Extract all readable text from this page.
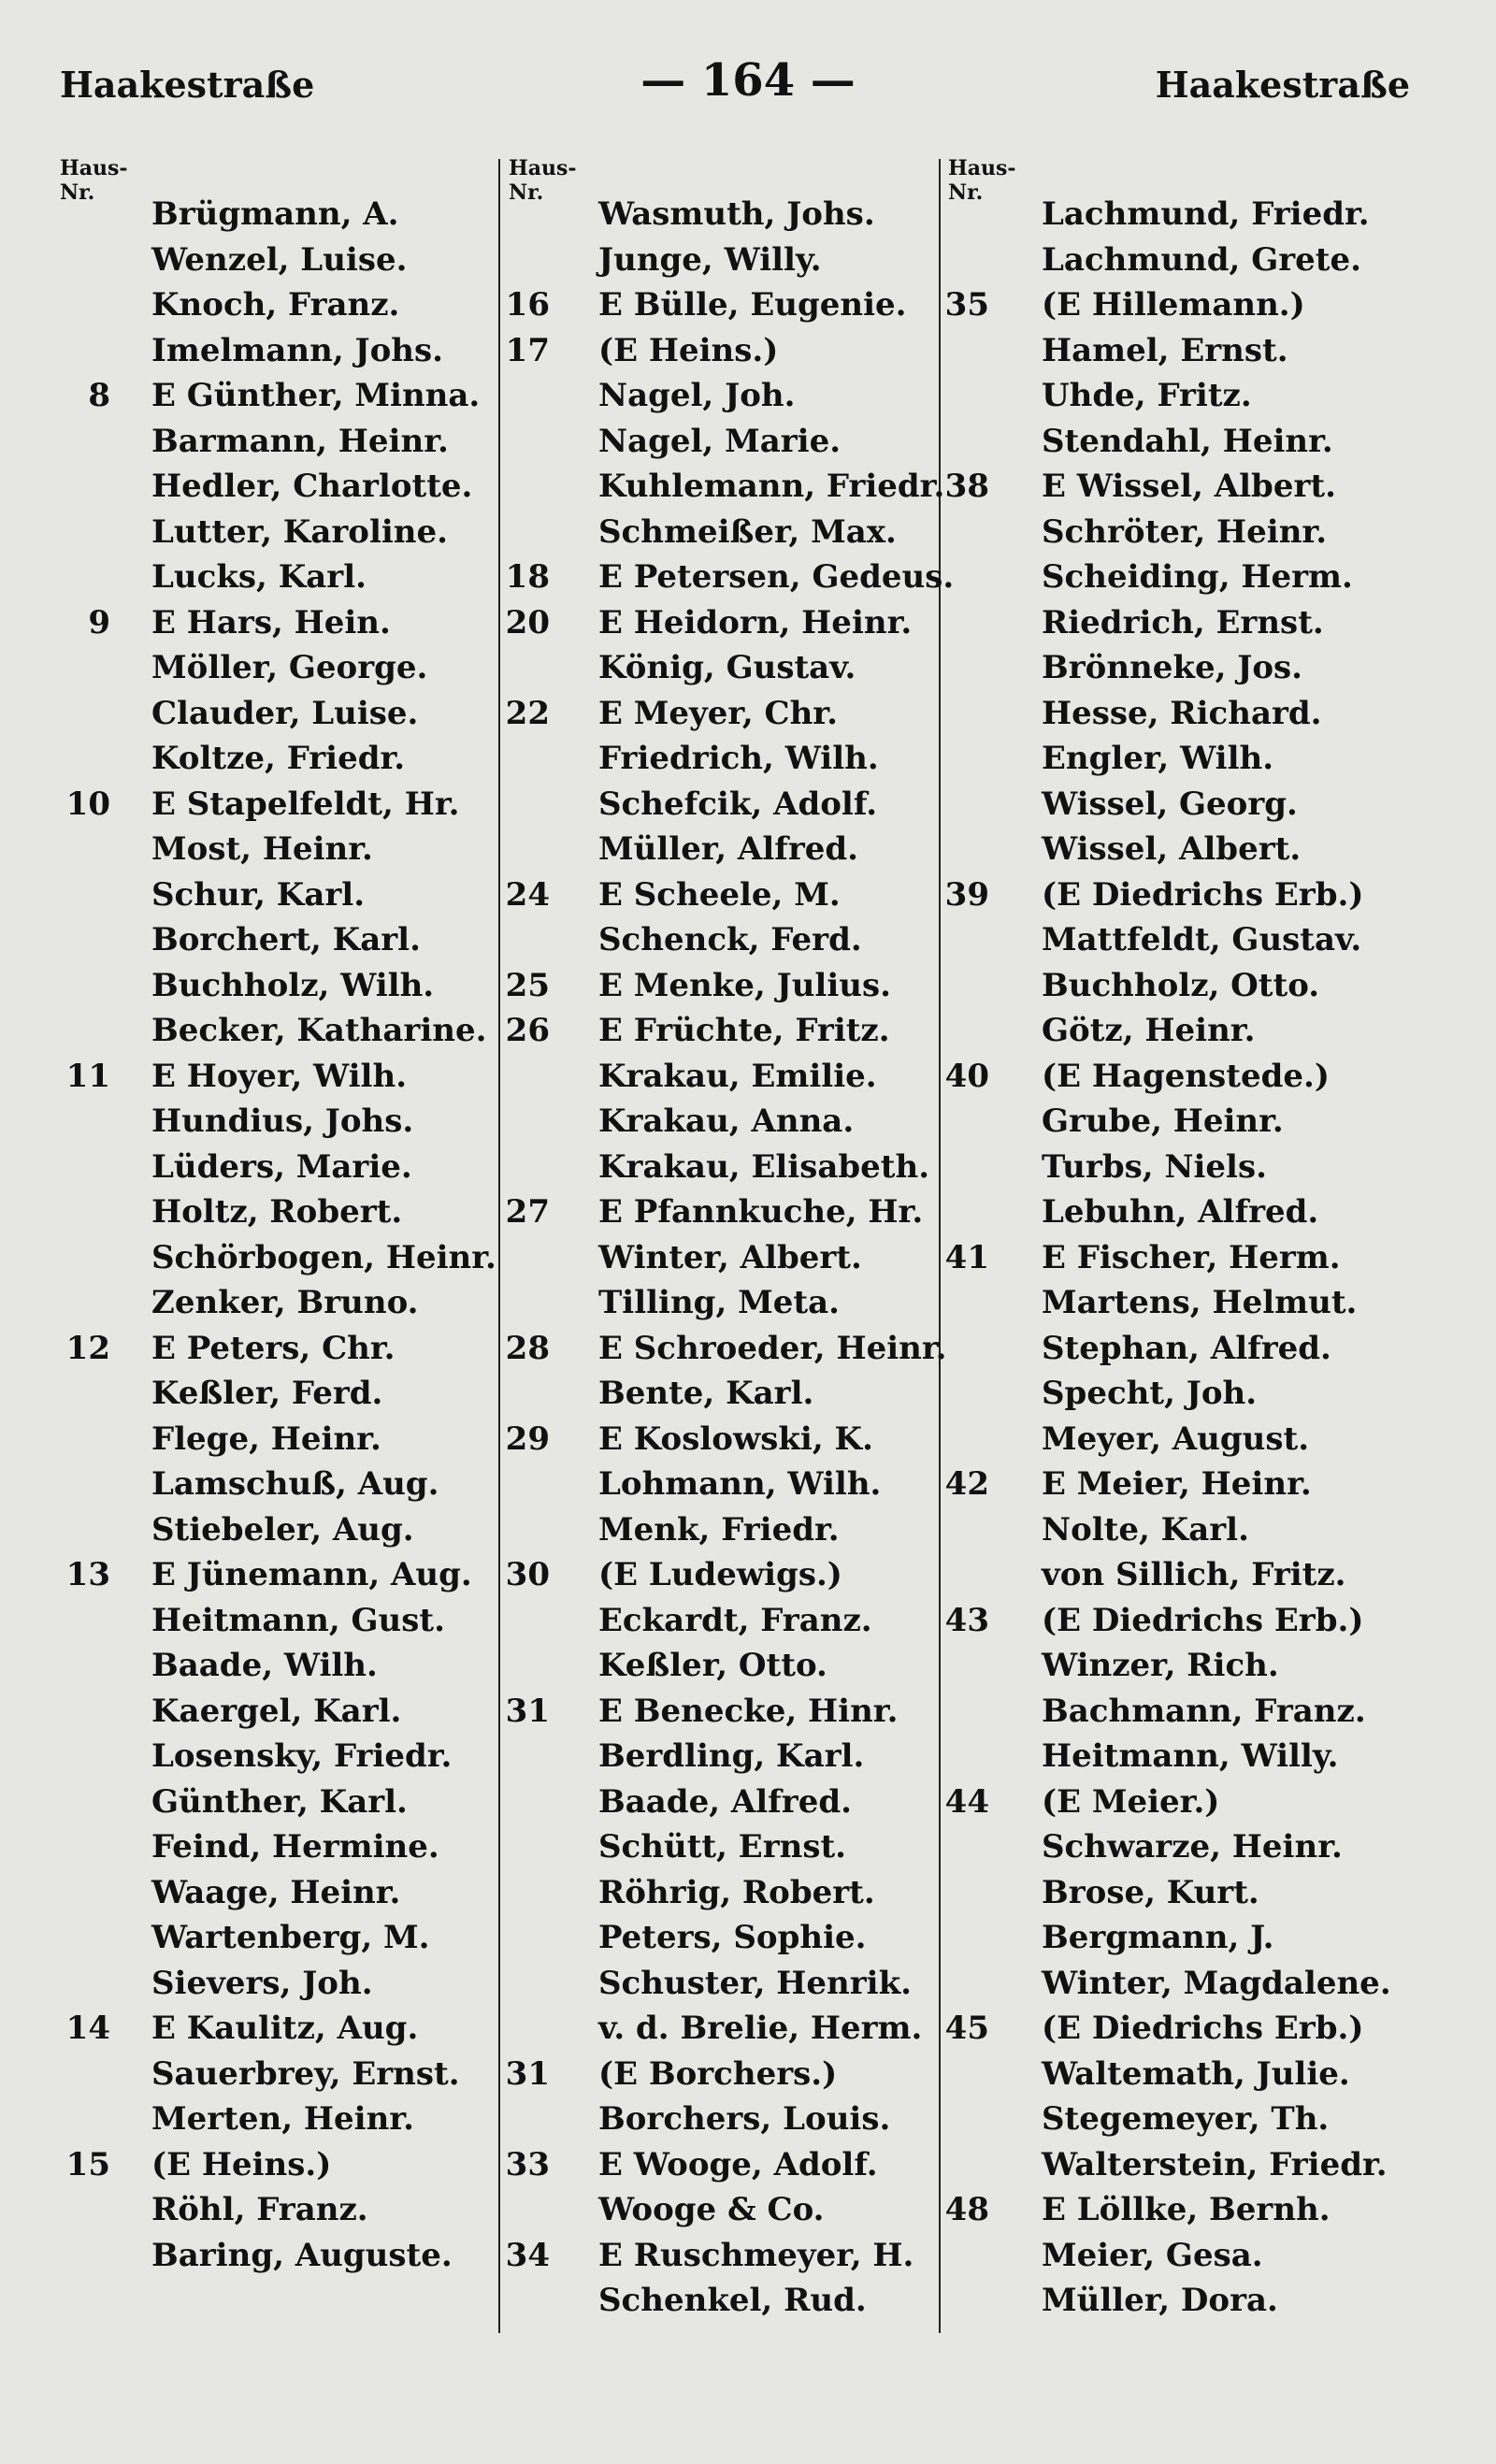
Haakestraße	— 164 —	Haakestraße
Haus-Nr.
Brügmann, A.
Wenzel, Luise.
Knoch, Franz.
Imelmann, Johs.
8 E Günther, Minna.
Barmann, Heinr.
Hedler, Charlotte.
Lutter, Karoline.
Lucks, Karl.
9 E Hars, Hein.
Möller, George.
Clauder, Luise.
Koltze, Friedr.
10 E Stapelfeldt, Hr.
Most, Heinr.
Schur, Karl.
Borchert, Karl.
Buchholz, Wilh.
Becker, Katharine.
11 E Hoyer, Wilh.
Hundius, Johs.
Lüders, Marie.
Holtz, Robert.
Schörbogen, Heinr.
Zenker, Bruno.
12 E Peters, Chr.
Keßler, Ferd.
Flege, Heinr.
Lamschuß, Aug.
Stiebeler, Aug.
13 E Jünemann, Aug.
Heitmann, Gust.
Baade, Wilh.
Kaergel, Karl.
Losensky, Friedr.
Günther, Karl.
Feind, Hermine.
Waage, Heinr.
Wartenberg, M.
Sievers, Joh.
14 E Kaulitz, Aug.
Sauerbrey, Ernst.
Merten, Heinr.
15 (E Heins.)
Röhl, Franz.
Baring, Auguste.
Haus-Nr.
Wasmuth, Johs.
Junge, Willy.
16 E Bülle, Eugenie.
17 (E Heins.)
Nagel, Joh.
Nagel, Marie.
Kuhlemann, Friedr.
Schmeißer, Max.
18 E Petersen, Gedeus.
20 E Heidorn, Heinr.
König, Gustav.
22 E Meyer, Chr.
Friedrich, Wilh.
Schefcik, Adolf.
Müller, Alfred.
24 E Scheele, M.
Schenck, Ferd.
25 E Menke, Julius.
26 E Früchte, Fritz.
Krakau, Emilie.
Krakau, Anna.
Krakau, Elisabeth.
27 E Pfannkuche, Hr.
Winter, Albert.
Tilling, Meta.
28 E Schroeder, Heinr.
Bente, Karl.
29 E Koslowski, K.
Lohmann, Wilh.
Menk, Friedr.
30 (E Ludewigs.)
Eckardt, Franz.
Keßler, Otto.
31 E Benecke, Hinr.
Berdling, Karl.
Baade, Alfred.
Schütt, Ernst.
Röhrig, Robert.
Peters, Sophie.
Schuster, Henrik.
v. d. Brelie, Herm.
31 (E Borchers.)
Borchers, Louis.
33 E Wooge, Adolf.
Wooge & Co.
34 E Ruschmeyer, H.
Schenkel, Rud.
Haus-Nr.
Lachmund, Friedr.
Lachmund, Grete.
35 (E Hillemann.)
Hamel, Ernst.
Uhde, Fritz.
Stendahl, Heinr.
38 E Wissel, Albert.
Schröter, Heinr.
Scheiding, Herm.
Riedrich, Ernst.
Brönneke, Jos.
Hesse, Richard.
Engler, Wilh.
Wissel, Georg.
Wissel, Albert.
39 (E Diedrichs Erb.)
Mattfeldt, Gustav.
Buchholz, Otto.
Götz, Heinr.
40 (E Hagenstede.)
Grube, Heinr.
Turbs, Niels.
Lebuhn, Alfred.
41 E Fischer, Herm.
Martens, Helmut.
Stephan, Alfred.
Specht, Joh.
Meyer, August.
42 E Meier, Heinr.
Nolte, Karl.
von Sillich, Fritz.
43 (E Diedrichs Erb.)
Winzer, Rich.
Bachmann, Franz.
Heitmann, Willy.
44 (E Meier.)
Schwarze, Heinr.
Brose, Kurt.
Bergmann, J.
Winter, Magdalene.
45 (E Diedrichs Erb.)
Waltemath, Julie.
Stegemeyer, Th.
Walterstein, Friedr.
48 E Löllke, Bernh.
Meier, Gesa.
Müller, Dora.
